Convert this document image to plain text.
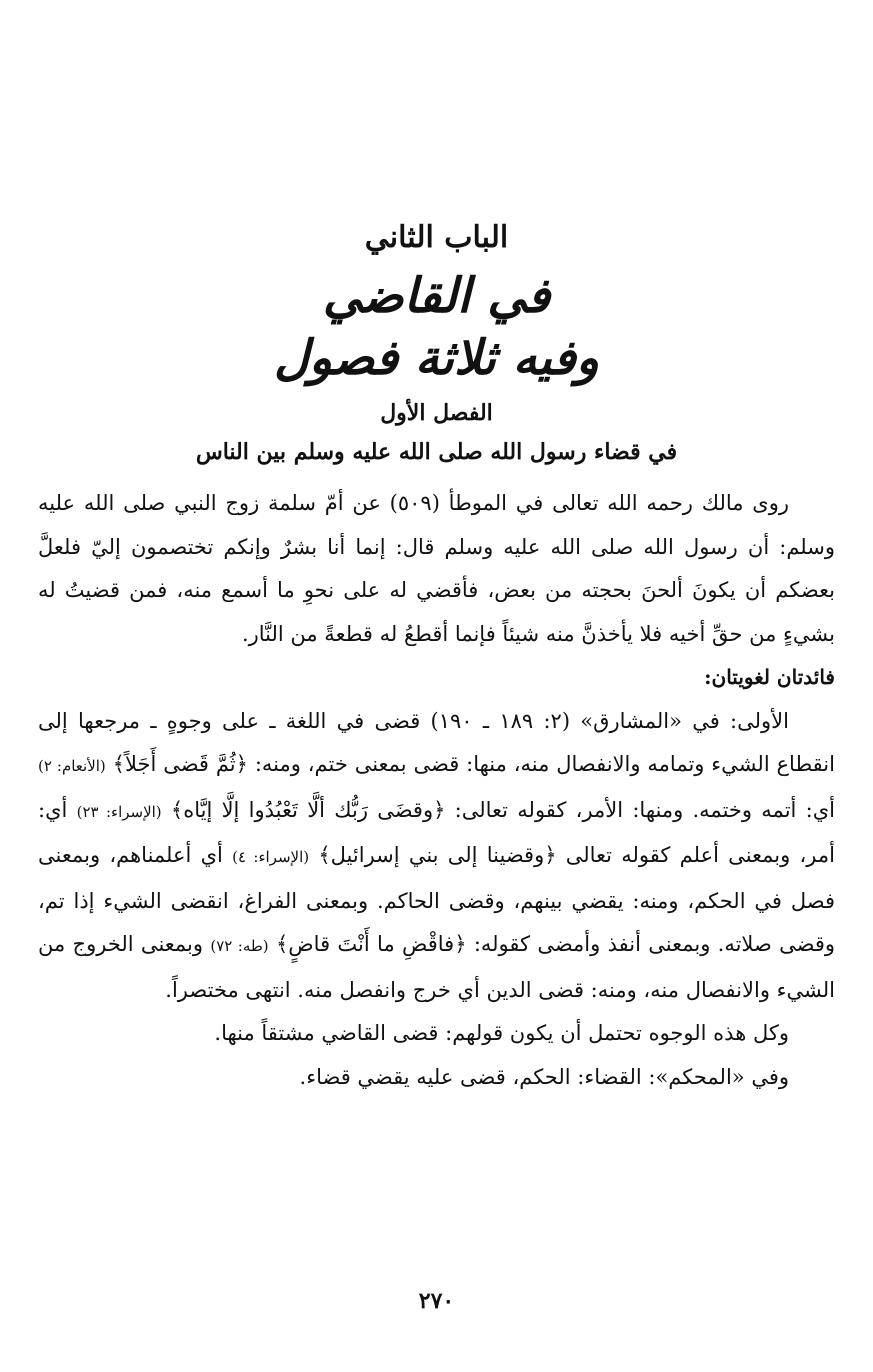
الباب الثاني
في القاضي
وفيه ثلاثة فصول
الفصل الأول
في قضاء رسول الله صلى الله عليه وسلم بين الناس

روى مالك رحمه الله تعالى في الموطأ (٥٠٩) عن أمّ سلمة زوج النبي صلى الله عليه وسلم: أن رسول الله صلى الله عليه وسلم قال: إنما أنا بشرٌ وإنكم تختصمون إليّ فلعلَّ بعضكم أن يكونَ ألحنَ بحجته من بعض، فأقضي له على نحوِ ما أسمع منه، فمن قضيتُ له بشيءٍ من حقِّ أخيه فلا يأخذنَّ منه شيئاً فإنما أقطعُ له قطعةً من النَّار.

فائدتان لغويتان:

الأولى: في «المشارق» (٢: ١٨٩ ـ ١٩٠) قضى في اللغة ـ على وجوهٍ ـ مرجعها إلى انقطاع الشيء وتمامه والانفصال منه، منها: قضى بمعنى ختم، ومنه: ﴿ثُمَّ قَضى أَجَلاً﴾ (الأنعام: ٢) أي: أتمه وختمه. ومنها: الأمر، كقوله تعالى: ﴿وقضَى رَبُّك ألَّا تَعْبُدُوا إلَّا إيَّاه﴾ (الإسراء: ٢٣) أي: أمر، وبمعنى أعلم كقوله تعالى ﴿وقضينا إلى بني إسرائيل﴾ (الإسراء: ٤) أي أعلمناهم، وبمعنى فصل في الحكم، ومنه: يقضي بينهم، وقضى الحاكم. وبمعنى الفراغ، انقضى الشيء إذا تم، وقضى صلاته. وبمعنى أنفذ وأمضى كقوله: ﴿فاقْضِ ما أَنْتَ قاضٍ﴾ (طه: ٧٢) وبمعنى الخروج من الشيء والانفصال منه، ومنه: قضى الدين أي خرج وانفصل منه. انتهى مختصراً.

وكل هذه الوجوه تحتمل أن يكون قولهم: قضى القاضي مشتقاً منها.

وفي «المحكم»: القضاء: الحكم، قضى عليه يقضي قضاء.

٢٧٠
